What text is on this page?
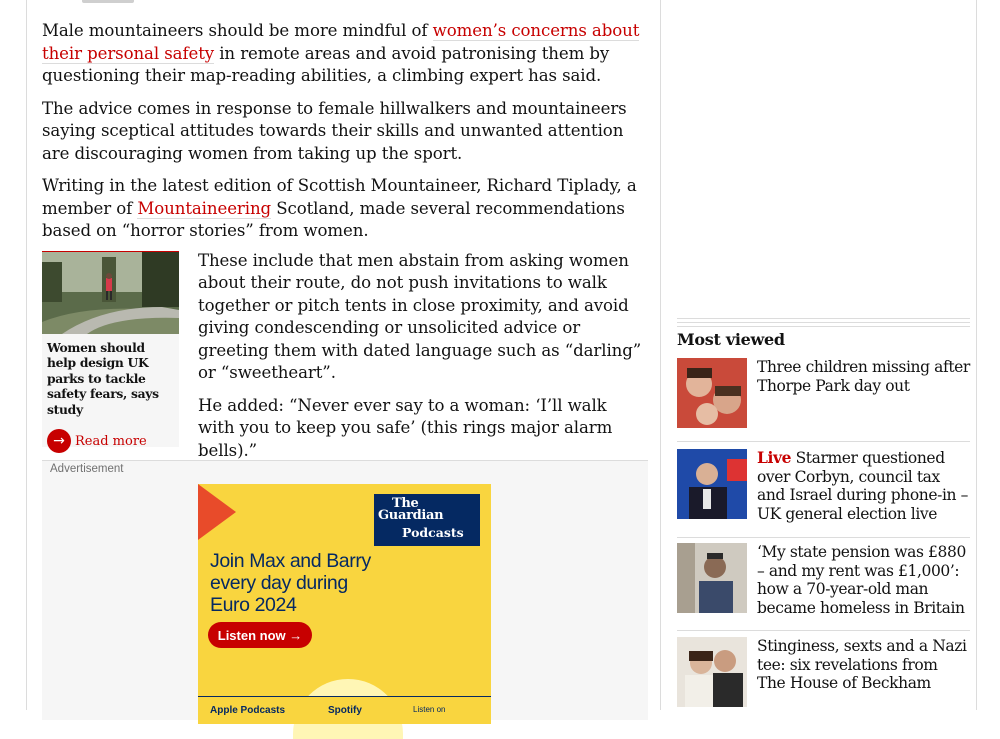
Male mountaineers should be more mindful of women’s concerns about their personal safety in remote areas and avoid patronising them by questioning their map-reading abilities, a climbing expert has said.

The advice comes in response to female hillwalkers and mountaineers saying sceptical attitudes towards their skills and unwanted attention are discouraging women from taking up the sport.

Writing in the latest edition of Scottish Mountaineer, Richard Tiplady, a member of Mountaineering Scotland, made several recommendations based on “horror stories” from women.

Women should help design UK parks to tackle safety fears, says study
→ Read more

These include that men abstain from asking women about their route, do not push invitations to walk together or pitch tents in close proximity, and avoid giving condescending or unsolicited advice or greeting them with dated language such as “darling” or “sweetheart”.

He added: “Never ever say to a woman: ‘I’ll walk with you to keep you safe’ (this rings major alarm bells).”

Advertisement
The
Guardian
Podcasts
Join Max and Barry
every day during
Euro 2024
Listen now →
Apple Podcasts	Spotify	Listen on
Most viewed
Three children missing after Thorpe Park day out
Live Starmer questioned over Corbyn, council tax and Israel during phone-in – UK general election live
‘My state pension was £880 – and my rent was £1,000’: how a 70-year-old man became homeless in Britain
Stinginess, sexts and a Nazi tee: six revelations from The House of Beckham
